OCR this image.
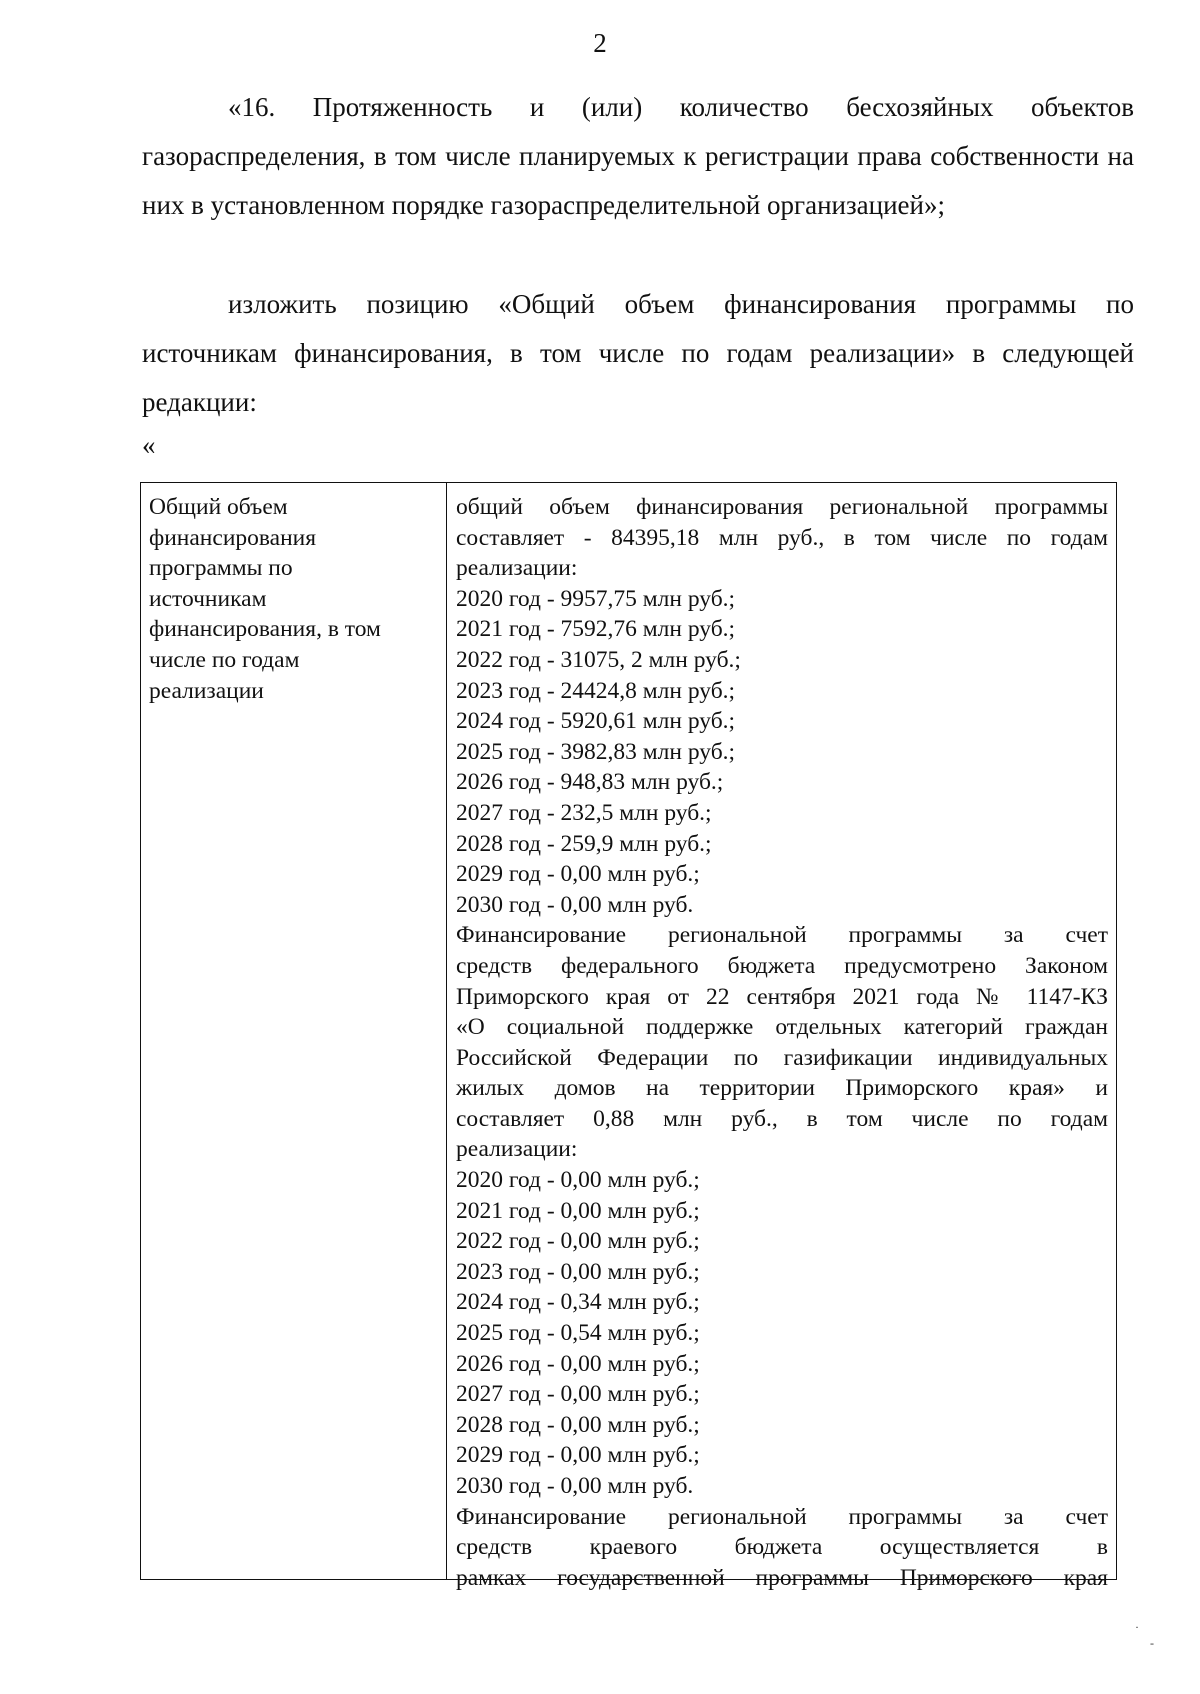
2
«16. Протяженность и (или) количество бесхозяйных объектов газораспределения, в том числе планируемых к регистрации права собственности на них в установленном порядке газораспределительной организацией»;
изложить позицию «Общий объем финансирования программы по источникам финансирования, в том числе по годам реализации» в следующей редакции:
«
Общий объем
финансирования
программы по
источникам
финансирования, в том
числе по годам
реализации
общий объем финансирования региональной программы
составляет - 84395,18 млн руб., в том числе по годам
реализации:
2020 год - 9957,75 млн руб.;
2021 год - 7592,76 млн руб.;
2022 год - 31075, 2 млн руб.;
2023 год - 24424,8 млн руб.;
2024 год - 5920,61 млн руб.;
2025 год - 3982,83 млн руб.;
2026 год - 948,83 млн руб.;
2027 год - 232,5 млн руб.;
2028 год - 259,9 млн руб.;
2029 год - 0,00 млн руб.;
2030 год - 0,00 млн руб.
Финансирование региональной программы за счет
средств федерального бюджета предусмотрено Законом
Приморского края от 22 сентября 2021 года № 1147-КЗ
«О социальной поддержке отдельных категорий граждан
Российской Федерации по газификации индивидуальных
жилых домов на территории Приморского края» и
составляет 0,88 млн руб., в том числе по годам
реализации:
2020 год - 0,00 млн руб.;
2021 год - 0,00 млн руб.;
2022 год - 0,00 млн руб.;
2023 год - 0,00 млн руб.;
2024 год - 0,34 млн руб.;
2025 год - 0,54 млн руб.;
2026 год - 0,00 млн руб.;
2027 год - 0,00 млн руб.;
2028 год - 0,00 млн руб.;
2029 год - 0,00 млн руб.;
2030 год - 0,00 млн руб.
Финансирование региональной программы за счет
средств краевого бюджета осуществляется в
рамках государственной программы Приморского края
·
-
